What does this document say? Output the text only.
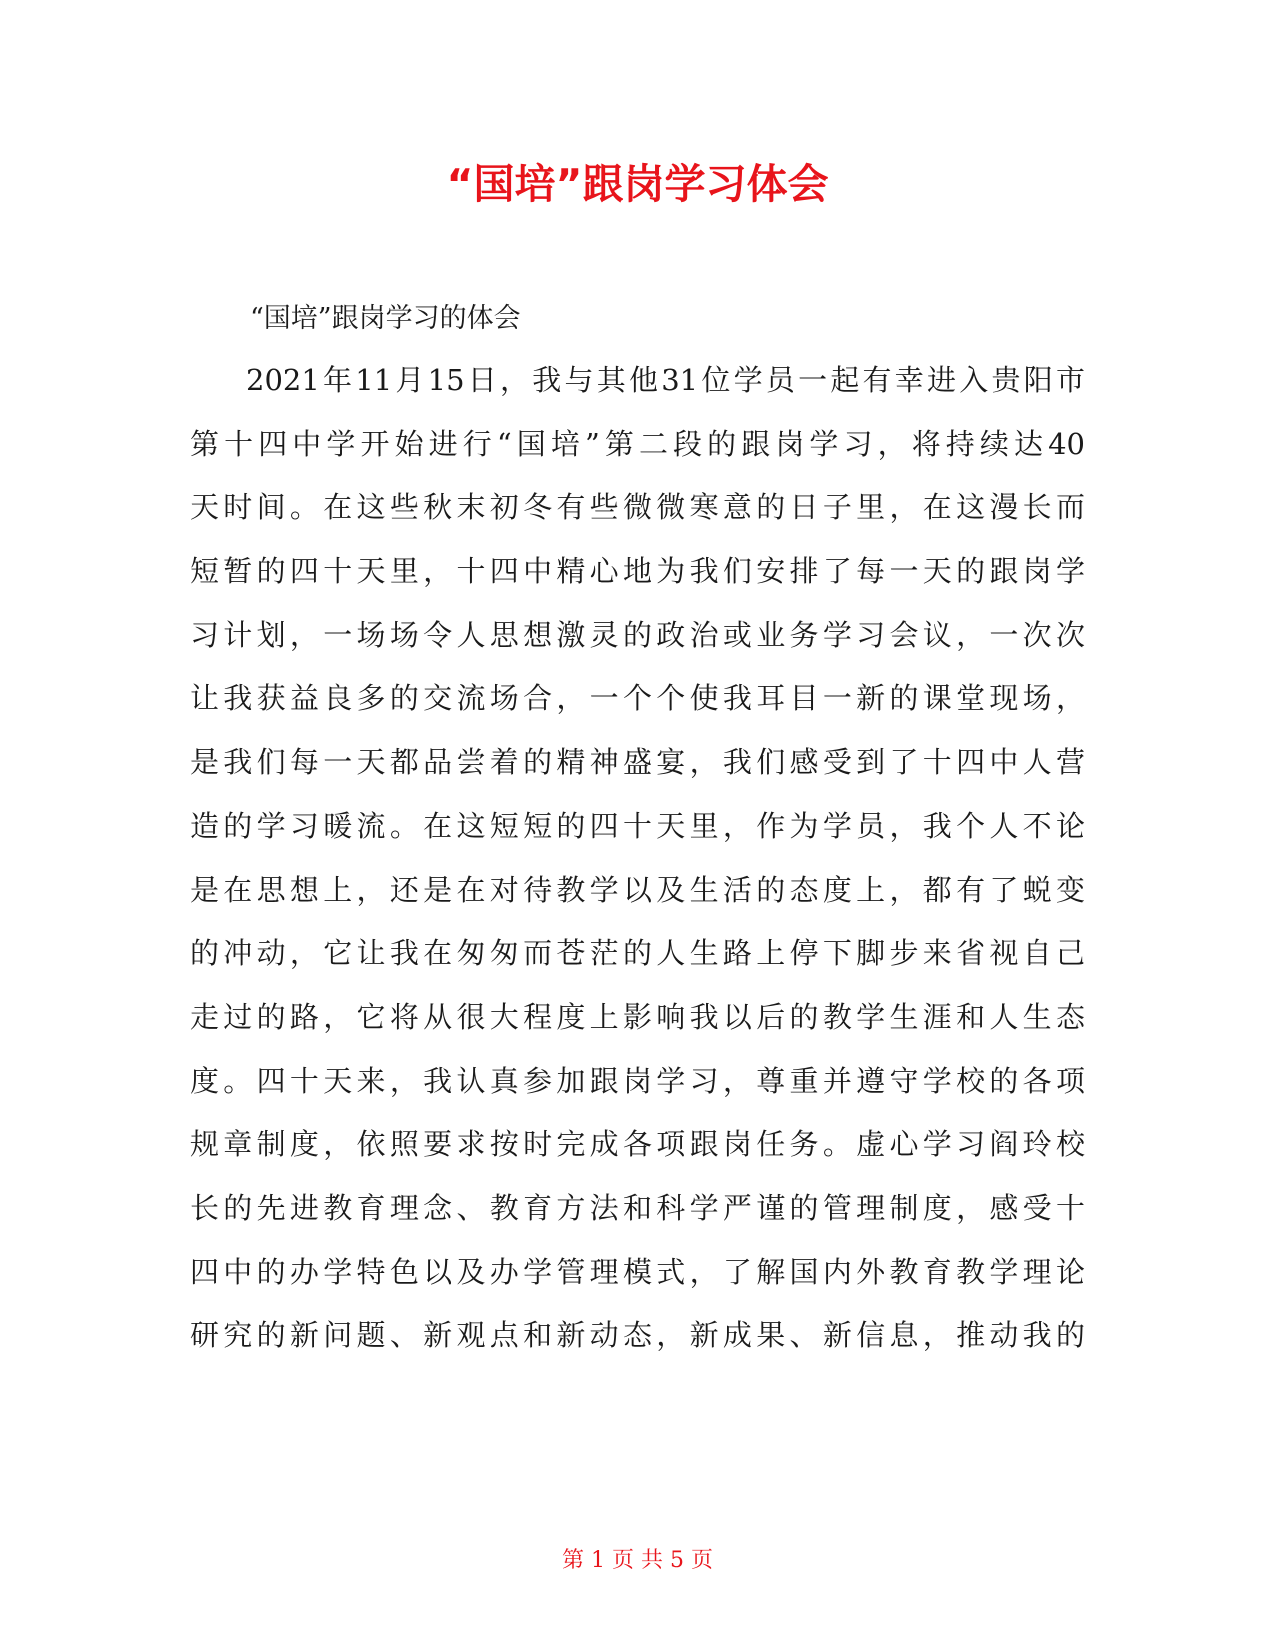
“国培”跟岗学习体会

“国培”跟岗学习的体会

2021年11月15日，我与其他31位学员一起有幸进入贵阳市
第十四中学开始进行“国培”第二段的跟岗学习，将持续达40
天时间。在这些秋末初冬有些微微寒意的日子里，在这漫长而
短暂的四十天里，十四中精心地为我们安排了每一天的跟岗学
习计划，一场场令人思想激灵的政治或业务学习会议，一次次
让我获益良多的交流场合，一个个使我耳目一新的课堂现场，
是我们每一天都品尝着的精神盛宴，我们感受到了十四中人营
造的学习暖流。在这短短的四十天里，作为学员，我个人不论
是在思想上，还是在对待教学以及生活的态度上，都有了蜕变
的冲动，它让我在匆匆而苍茫的人生路上停下脚步来省视自己
走过的路，它将从很大程度上影响我以后的教学生涯和人生态
度。四十天来，我认真参加跟岗学习，尊重并遵守学校的各项
规章制度，依照要求按时完成各项跟岗任务。虚心学习阎玲校
长的先进教育理念、教育方法和科学严谨的管理制度，感受十
四中的办学特色以及办学管理模式，了解国内外教育教学理论
研究的新问题、新观点和新动态，新成果、新信息，推动我的

第 1 页 共 5 页
